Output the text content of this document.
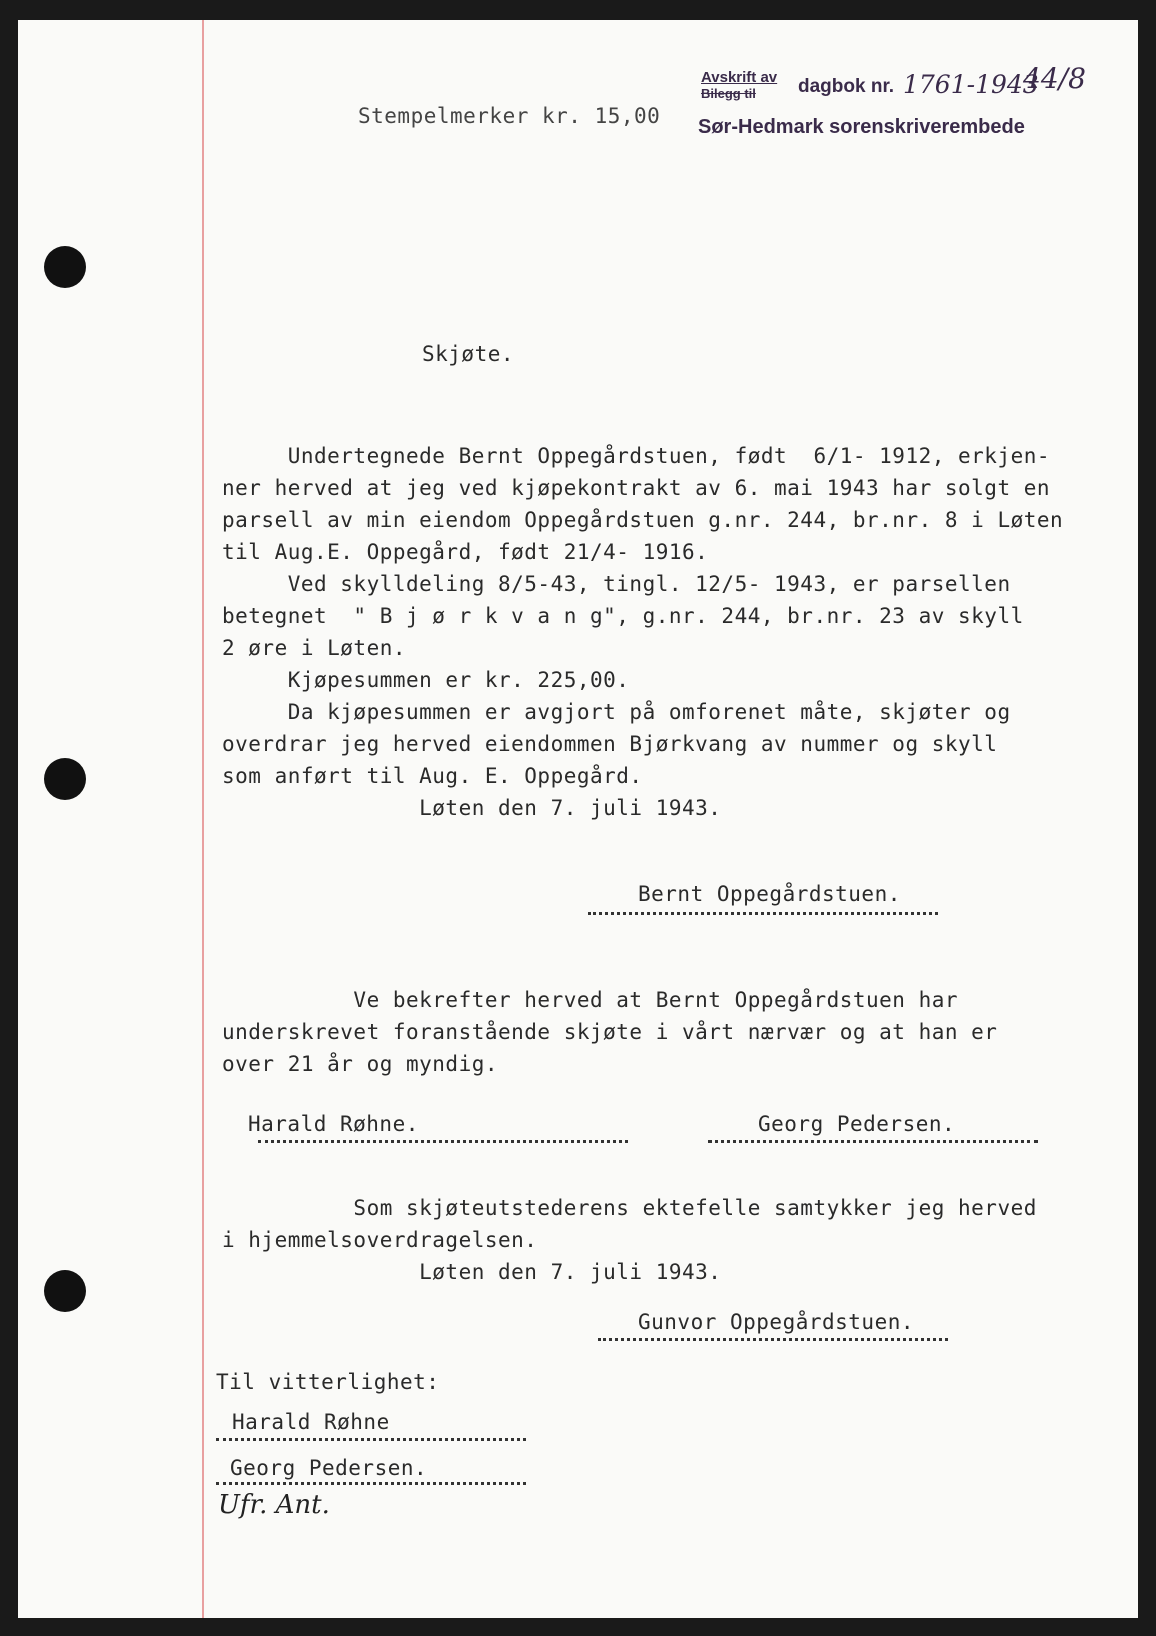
Stempelmerker kr. 15,00
Avskrift av
Bilegg til	dagbok nr. 1761-1943
44/8
Sør-Hedmark sorenskriverembede
Skjøte.
Undertegnede Bernt Oppegårdstuen, født  6/1- 1912, erkjen-
ner herved at jeg ved kjøpekontrakt av 6. mai 1943 har solgt en
parsell av min eiendom Oppegårdstuen g.nr. 244, br.nr. 8 i Løten
til Aug.E. Oppegård, født 21/4- 1916.
Ved skylldeling 8/5-43, tingl. 12/5- 1943, er parsellen
betegnet  " B j ø r k v a n g", g.nr. 244, br.nr. 23 av skyll
2 øre i Løten.
Kjøpesummen er kr. 225,00.
Da kjøpesummen er avgjort på omforenet måte, skjøter og
overdrar jeg herved eiendommen Bjørkvang av nummer og skyll
som anført til Aug. E. Oppegård.
Løten den 7. juli 1943.
Bernt Oppegårdstuen.
Ve bekrefter herved at Bernt Oppegårdstuen har
underskrevet foranstående skjøte i vårt nærvær og at han er
over 21 år og myndig.
Harald Røhne.	Georg Pedersen.
Som skjøteutstederens ektefelle samtykker jeg herved
i hjemmelsoverdragelsen.
Løten den 7. juli 1943.
Gunvor Oppegårdstuen.
Til vitterlighet:
Harald Røhne
Georg Pedersen.
Ufr. Ant.
